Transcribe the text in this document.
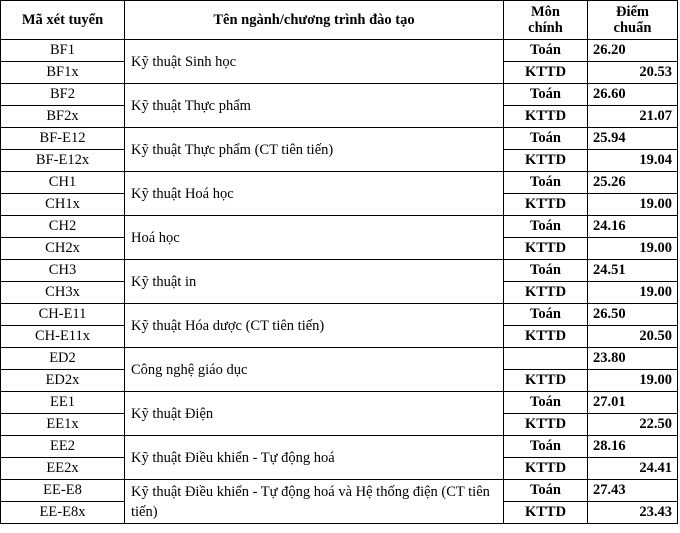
Mã xét tuyển	Tên ngành/chương trình đào tạo	Môn chính	Điểm chuẩn
BF1	Kỹ thuật Sinh học	Toán	26.20
BF1x		KTTD	20.53
BF2	Kỹ thuật Thực phẩm	Toán	26.60
BF2x		KTTD	21.07
BF-E12	Kỹ thuật Thực phẩm (CT tiên tiến)	Toán	25.94
BF-E12x		KTTD	19.04
CH1	Kỹ thuật Hoá học	Toán	25.26
CH1x		KTTD	19.00
CH2	Hoá học	Toán	24.16
CH2x		KTTD	19.00
CH3	Kỹ thuật in	Toán	24.51
CH3x		KTTD	19.00
CH-E11	Kỹ thuật Hóa dược (CT tiên tiến)	Toán	26.50
CH-E11x		KTTD	20.50
ED2	Công nghệ giáo dục		23.80
ED2x		KTTD	19.00
EE1	Kỹ thuật Điện	Toán	27.01
EE1x		KTTD	22.50
EE2	Kỹ thuật Điều khiển - Tự động hoá	Toán	28.16
EE2x		KTTD	24.41
EE-E8	Kỹ thuật Điều khiển - Tự động hoá và Hệ thống điện (CT tiên tiến)	Toán	27.43
EE-E8x		KTTD	23.43
